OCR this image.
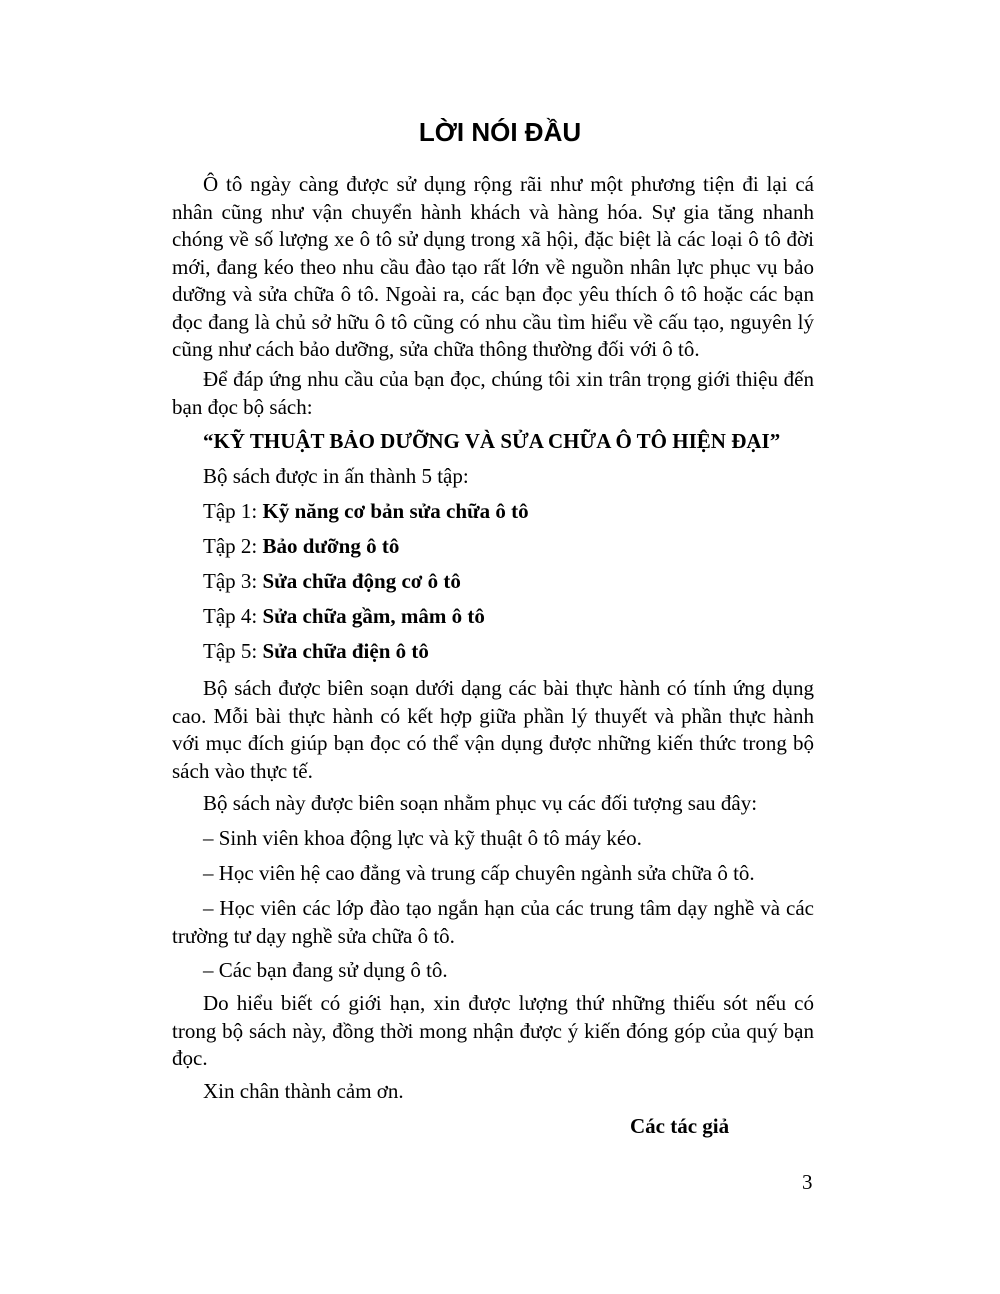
LỜI NÓI ĐẦU

Ô tô ngày càng được sử dụng rộng rãi như một phương tiện đi lại cá nhân cũng như vận chuyển hành khách và hàng hóa. Sự gia tăng nhanh chóng về số lượng xe ô tô sử dụng trong xã hội, đặc biệt là các loại ô tô đời mới, đang kéo theo nhu cầu đào tạo rất lớn về nguồn nhân lực phục vụ bảo dưỡng và sửa chữa ô tô. Ngoài ra, các bạn đọc yêu thích ô tô hoặc các bạn đọc đang là chủ sở hữu ô tô cũng có nhu cầu tìm hiểu về cấu tạo, nguyên lý cũng như cách bảo dưỡng, sửa chữa thông thường đối với ô tô.

Để đáp ứng nhu cầu của bạn đọc, chúng tôi xin trân trọng giới thiệu đến bạn đọc bộ sách:

“KỸ THUẬT BẢO DƯỠNG VÀ SỬA CHỮA Ô TÔ HIỆN ĐẠI”

Bộ sách được in ấn thành 5 tập:

Tập 1: Kỹ năng cơ bản sửa chữa ô tô

Tập 2: Bảo dưỡng ô tô

Tập 3: Sửa chữa động cơ ô tô

Tập 4: Sửa chữa gầm, mâm ô tô

Tập 5: Sửa chữa điện ô tô

Bộ sách được biên soạn dưới dạng các bài thực hành có tính ứng dụng cao. Mỗi bài thực hành có kết hợp giữa phần lý thuyết và phần thực hành với mục đích giúp bạn đọc có thể vận dụng được những kiến thức trong bộ sách vào thực tế.

Bộ sách này được biên soạn nhằm phục vụ các đối tượng sau đây:

– Sinh viên khoa động lực và kỹ thuật ô tô máy kéo.

– Học viên hệ cao đẳng và trung cấp chuyên ngành sửa chữa ô tô.

– Học viên các lớp đào tạo ngắn hạn của các trung tâm dạy nghề và các trường tư dạy nghề sửa chữa ô tô.

– Các bạn đang sử dụng ô tô.

Do hiểu biết có giới hạn, xin được lượng thứ những thiếu sót nếu có trong bộ sách này, đồng thời mong nhận được ý kiến đóng góp của quý bạn đọc.

Xin chân thành cảm ơn.

Các tác giả

3
